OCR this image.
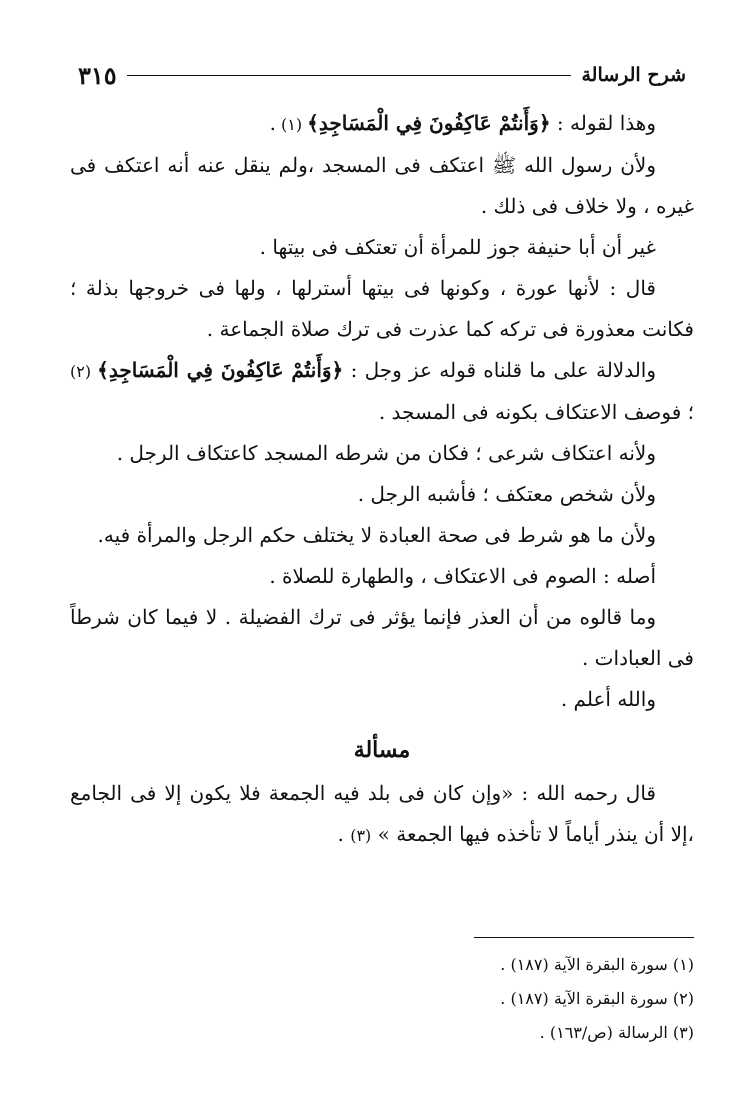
شرح الرسالة
٣١٥

وهذا لقوله : ﴿وَأَنتُمْ عَاكِفُونَ فِي الْمَسَاجِدِ﴾ (١) .

ولأن رسول الله ﷺ اعتكف فى المسجد ،ولم ينقل عنه أنه اعتكف فى غيره ، ولا خلاف فى ذلك .

غير أن أبا حنيفة جوز للمرأة أن تعتكف فى بيتها .

قال : لأنها عورة ، وكونها فى بيتها أسترلها ، ولها فى خروجها بذلة ؛ فكانت معذورة فى تركه كما عذرت فى ترك صلاة الجماعة .

والدلالة على ما قلناه قوله عز وجل : ﴿وَأَنتُمْ عَاكِفُونَ فِي الْمَسَاجِدِ﴾ (٢) ؛ فوصف الاعتكاف بكونه فى المسجد .

ولأنه اعتكاف شرعى ؛ فكان من شرطه المسجد كاعتكاف الرجل .

ولأن شخص معتكف ؛ فأشبه الرجل .

ولأن ما هو شرط فى صحة العبادة لا يختلف حكم الرجل والمرأة فيه.

أصله : الصوم فى الاعتكاف ، والطهارة للصلاة .

وما قالوه من أن العذر فإنما يؤثر فى ترك الفضيلة . لا فيما كان شرطاً فى العبادات .

والله أعلم .

مسألة

قال رحمه الله : «وإن كان فى بلد فيه الجمعة فلا يكون إلا فى الجامع ،إلا أن ينذر أياماً لا تأخذه فيها الجمعة » (٣) .

(١) سورة البقرة الآية (١٨٧) .

(٢) سورة البقرة الآية (١٨٧) .

(٣) الرسالة (ص/١٦٣) .
